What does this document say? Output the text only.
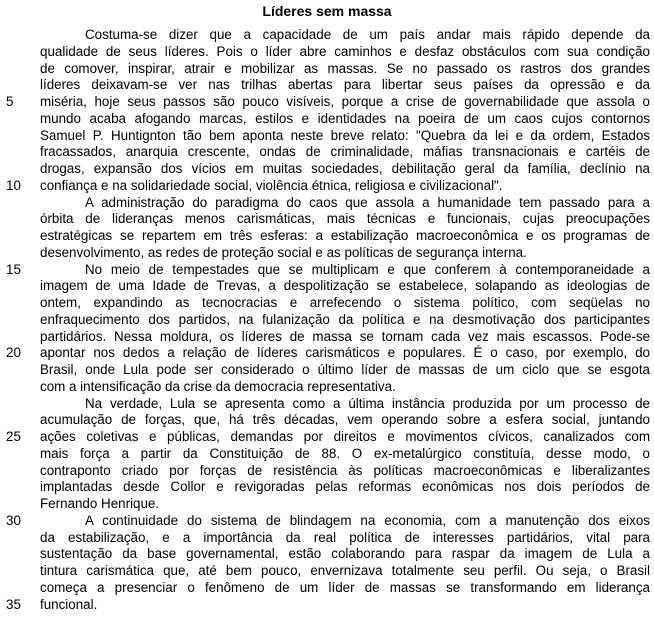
Líderes sem massa
Costuma-se dizer que a capacidade de um país andar mais rápido depende da
qualidade de seus líderes. Pois o líder abre caminhos e desfaz obstáculos com sua condição
de comover, inspirar, atrair e mobilizar as massas. Se no passado os rastros dos grandes
líderes deixavam-se ver nas trilhas abertas para libertar seus países da opressão e da
5	miséria, hoje seus passos são pouco visíveis, porque a crise de governabilidade que assola o
mundo acaba afogando marcas, estilos e identidades na poeira de um caos cujos contornos
Samuel P. Huntignton tão bem aponta neste breve relato: "Quebra da lei e da ordem, Estados
fracassados, anarquia crescente, ondas de criminalidade, máfias transnacionais e cartéis de
drogas, expansão dos vícios em muitas sociedades, debilitação geral da família, declínio na
10	confiança e na solidariedade social, violência étnica, religiosa e civilizacional".
A administração do paradigma do caos que assola a humanidade tem passado para a
órbita de lideranças menos carismáticas, mais técnicas e funcionais, cujas preocupações
estratégicas se repartem em três esferas: a estabilização macroeconômica e os programas de
desenvolvimento, as redes de proteção social e as políticas de segurança interna.
15	No meio de tempestades que se multiplicam e que conferem à contemporaneidade a
imagem de uma Idade de Trevas, a despolitização se estabelece, solapando as ideologias de
ontem, expandindo as tecnocracias e arrefecendo o sistema político, com seqüelas no
enfraquecimento dos partidos, na fulanização da política e na desmotivação dos participantes
partidários. Nessa moldura, os líderes de massa se tornam cada vez mais escassos. Pode-se
20	apontar nos dedos a relação de líderes carismáticos e populares. É o caso, por exemplo, do
Brasil, onde Lula pode ser considerado o último líder de massas de um ciclo que se esgota
com a intensificação da crise da democracia representativa.
Na verdade, Lula se apresenta como a última instância produzida por um processo de
acumulação de forças, que, há três décadas, vem operando sobre a esfera social, juntando
25	ações coletivas e públicas, demandas por direitos e movimentos cívicos, canalizados com
mais força a partir da Constituição de 88. O ex-metalúrgico constituía, desse modo, o
contraponto criado por forças de resistência às políticas macroeconômicas e liberalizantes
implantadas desde Collor e revigoradas pelas reformas econômicas nos dois períodos de
Fernando Henrique.
30	A continuidade do sistema de blindagem na economia, com a manutenção dos eixos
da estabilização, e a importância da real política de interesses partidários, vital para
sustentação da base governamental, estão colaborando para raspar da imagem de Lula a
tintura carismática que, até bem pouco, envernizava totalmente seu perfil. Ou seja, o Brasil
começa a presenciar o fenômeno de um líder de massas se transformando em liderança
35	funcional.
